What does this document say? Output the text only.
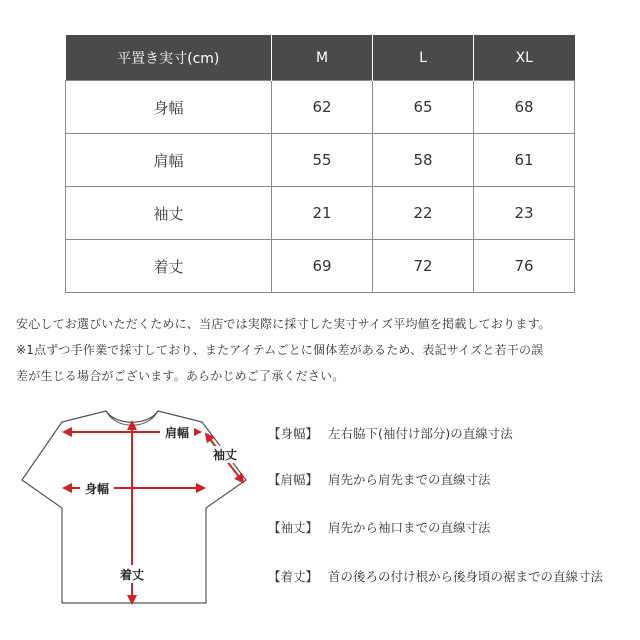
平置き実寸(cm)	M	L	XL
身幅	62	65	68
肩幅	55	58	61
袖丈	21	22	23
着丈	69	72	76

安心してお選びいただくために、当店では実際に採寸した実寸サイズ平均値を掲載しております。

※1点ずつ手作業で採寸しており、またアイテムごとに個体差があるため、表記サイズと若干の誤

差が生じる場合がございます。あらかじめご了承ください。

肩幅
袖丈
身幅
着丈
【身幅】 左右脇下(袖付け部分)の直線寸法
【肩幅】 肩先から肩先までの直線寸法
【袖丈】 肩先から袖口までの直線寸法
【着丈】 首の後ろの付け根から後身頃の裾までの直線寸法
